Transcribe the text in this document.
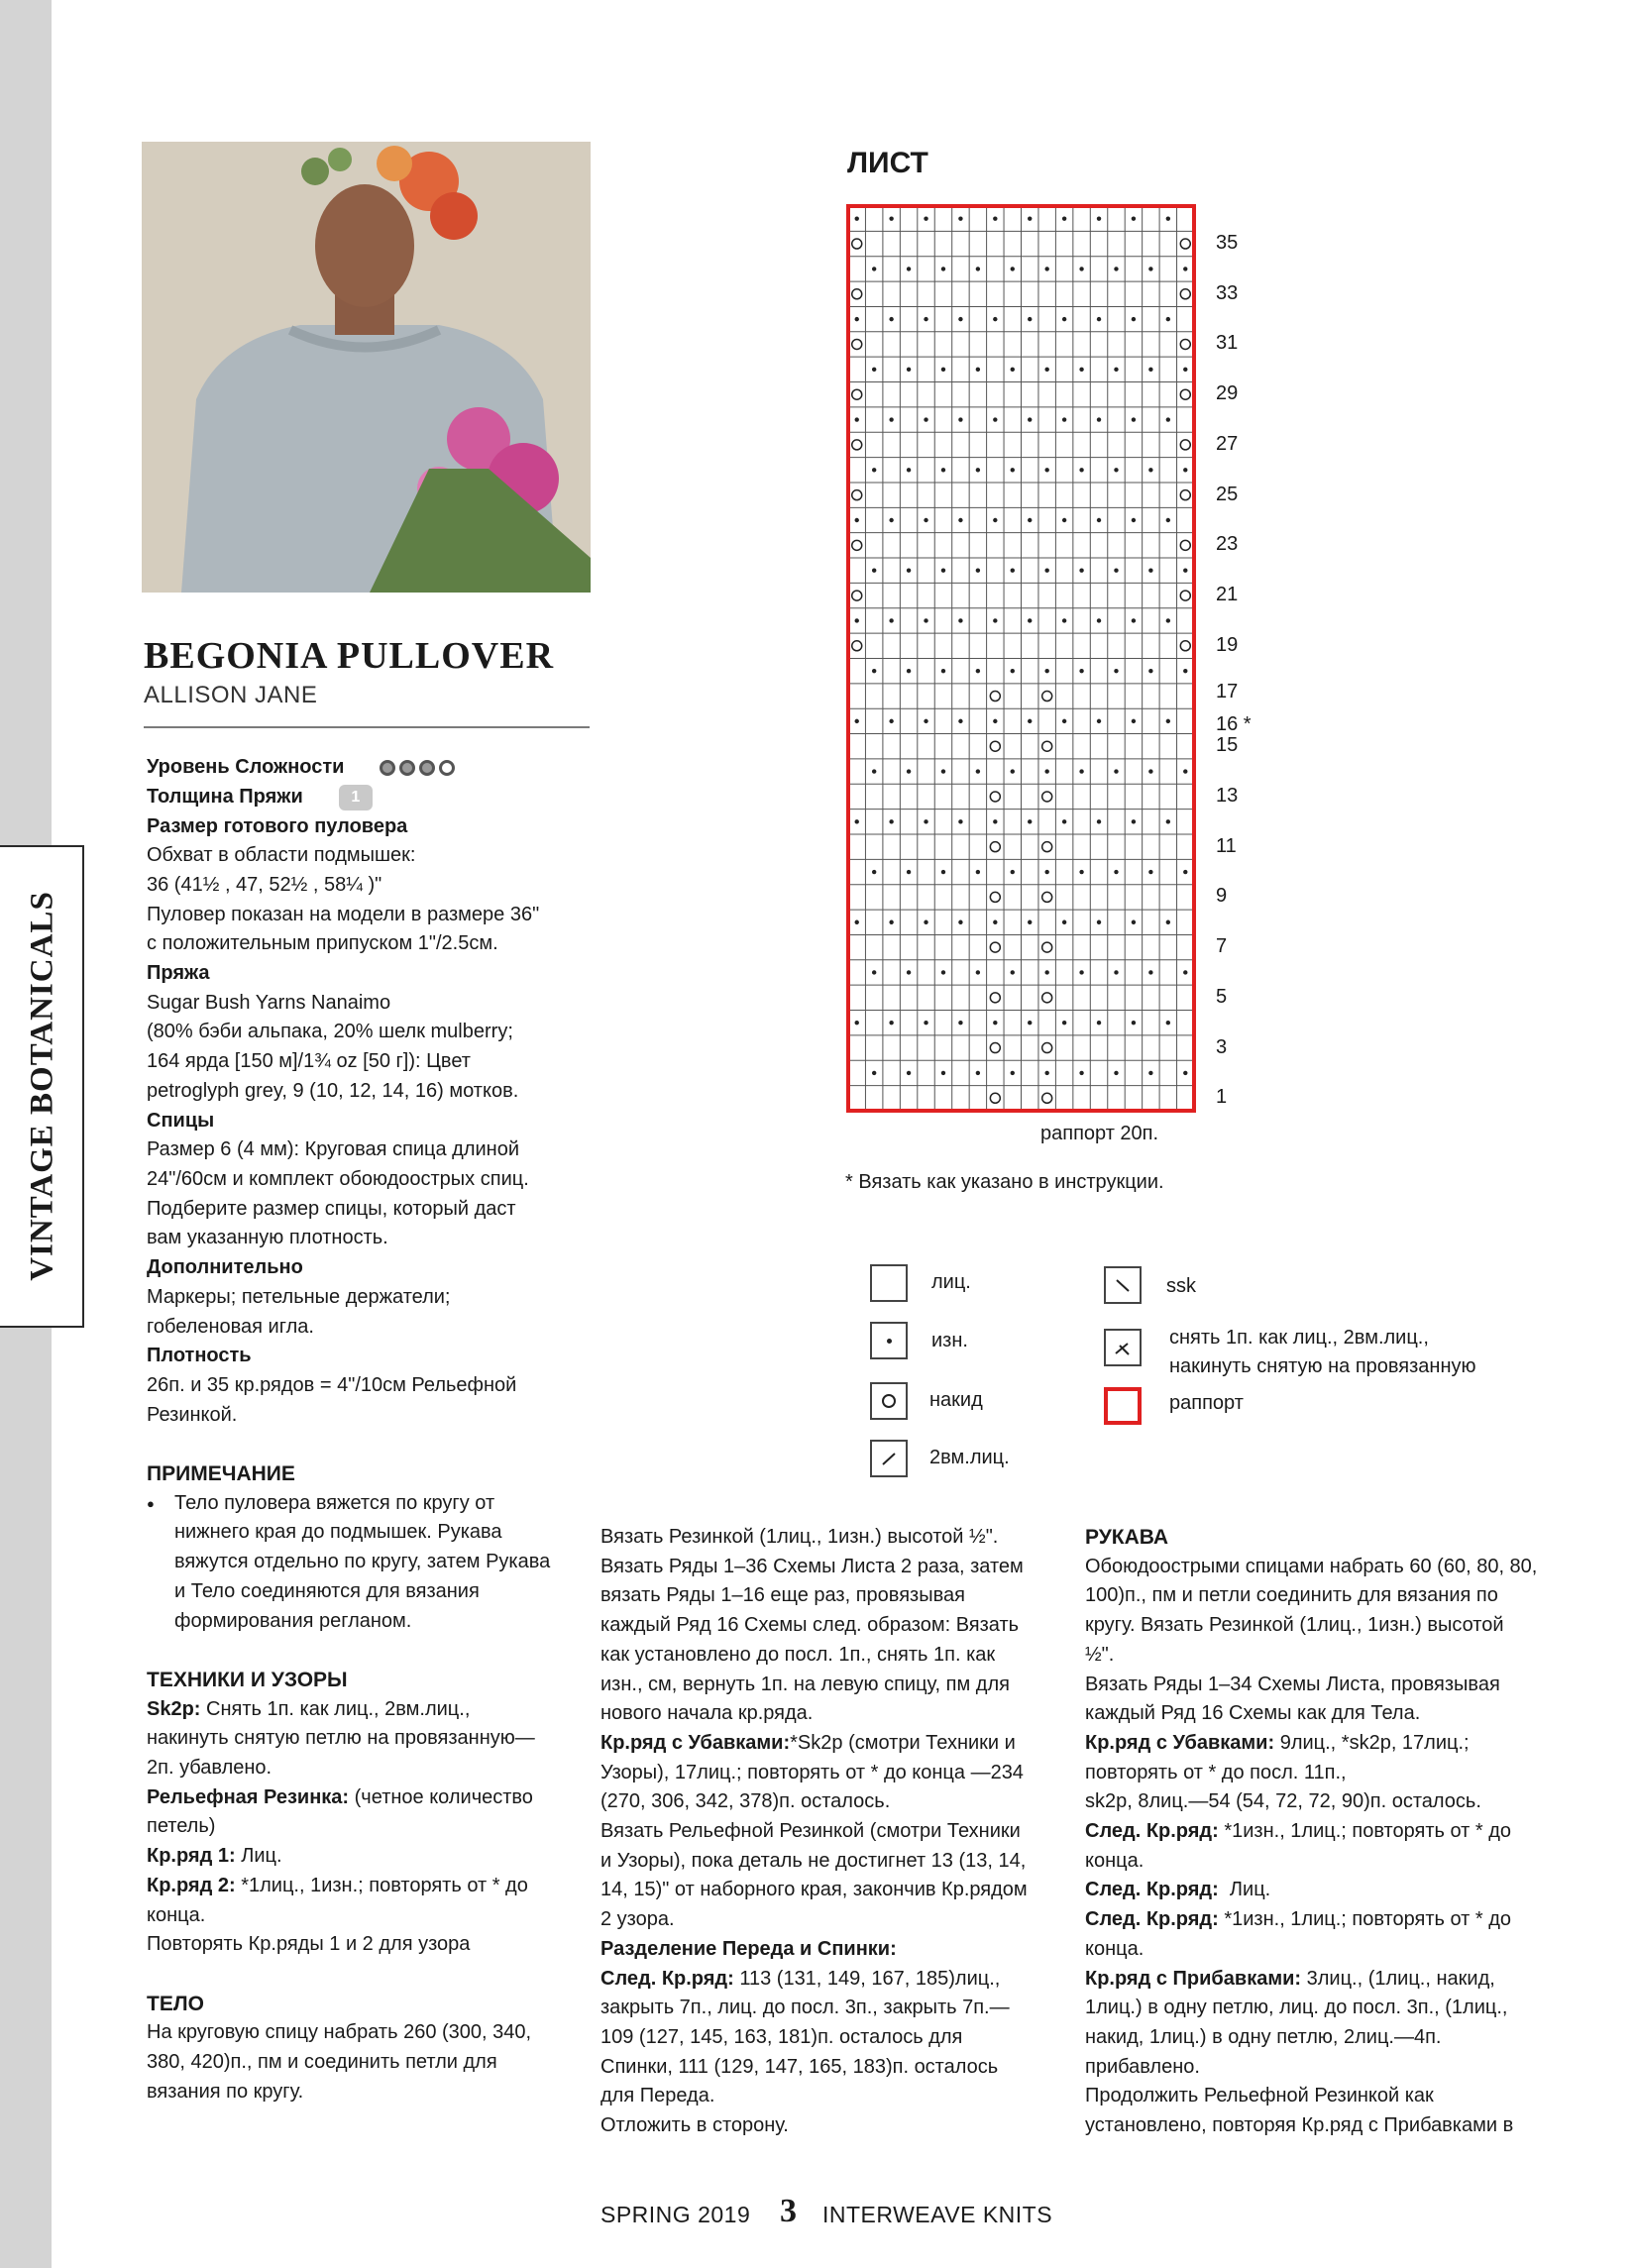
VINTAGE BOTANICALS
BEGONIA PULLOVER
ALLISON JANE

Уровень Сложности

Толщина Пряжи	1

Размер готового пуловера

Обхват в области подмышек:

36 (41½ , 47, 52½ , 58¼ )"

Пуловер показан на модели в размере 36"

с положительным припуском 1"/2.5см.

Пряжа

Sugar Bush Yarns Nanaimo

(80% бэби альпака, 20% шелк mulberry;

164 ярда [150 м]/1¾ oz [50 г]): Цвет

petroglyph grey, 9 (10, 12, 14, 16) мотков.

Спицы

Размер 6 (4 мм): Круговая спица длиной

24"/60см и комплект обоюдоострых спиц.

Подберите размер спицы, который даст

вам указанную плотность.

Дополнительно

Маркеры; петельные держатели;

гобеленовая игла.

Плотность

26п. и 35 кр.рядов = 4"/10см Рельефной

Резинкой.

ПРИМЕЧАНИЕ

●	Тело пуловера вяжется по кругу от

нижнего края до подмышек. Рукава

вяжутся отдельно по кругу, затем Рукава

и Тело соединяются для вязания

формирования регланом.

ТЕХНИКИ И УЗОРЫ

Sk2p: Снять 1п. как лиц., 2вм.лиц.,

накинуть снятую петлю на провязанную—

2п. убавлено.

Рельефная Резинка: (четное количество

петель)

Кр.ряд 1: Лиц.

Кр.ряд 2: *1лиц., 1изн.; повторять от * до

конца.

Повторять Кр.ряды 1 и 2 для узора

ТЕЛО

На круговую спицу набрать 260 (300, 340,

380, 420)п., пм и соединить петли для

вязания по кругу.

Вязать Резинкой (1лиц., 1изн.) высотой ½".

Вязать Ряды 1–36 Схемы Листа 2 раза, затем

вязать Ряды 1–16 еще раз, провязывая

каждый Ряд 16 Схемы след. образом: Вязать

как установлено до посл. 1п., снять 1п. как

изн., см, вернуть 1п. на левую спицу, пм для

нового начала кр.ряда.

Кр.ряд с Убавками:*Sk2p (смотри Техники и

Узоры), 17лиц.; повторять от * до конца —234

(270, 306, 342, 378)п. осталось.

Вязать Рельефной Резинкой (смотри Техники

и Узоры), пока деталь не достигнет 13 (13, 14,

14, 15)" от наборного края, закончив Кр.рядом

2 узора.

Разделение Переда и Спинки:

След. Кр.ряд: 113 (131, 149, 167, 185)лиц.,

закрыть 7п., лиц. до посл. 3п., закрыть 7п.—

109 (127, 145, 163, 181)п. осталось для

Спинки, 111 (129, 147, 165, 183)п. осталось

для Переда.

Отложить в сторону.

РУКАВА

Обоюдоострыми спицами набрать 60 (60, 80, 80,

100)п., пм и петли соединить для вязания по

кругу. Вязать Резинкой (1лиц., 1изн.) высотой

½".

Вязать Ряды 1–34 Схемы Листа, провязывая

каждый Ряд 16 Схемы как для Тела.

Кр.ряд с Убавками: 9лиц., *sk2p, 17лиц.;

повторять от * до посл. 11п.,

sk2p, 8лиц.—54 (54, 72, 72, 90)п. осталось.

След. Кр.ряд: *1изн., 1лиц.; повторять от * до

конца.

След. Кр.ряд:  Лиц.

След. Кр.ряд: *1изн., 1лиц.; повторять от * до

конца.

Кр.ряд с Прибавками: 3лиц., (1лиц., накид,

1лиц.) в одну петлю, лиц. до посл. 3п., (1лиц.,

накид, 1лиц.) в одну петлю, 2лиц.—4п.

прибавлено.

Продолжить Рельефной Резинкой как

установлено, повторяя Кр.ряд с Прибавками в

ЛИСТ
35
33
31
29
27
25
23
21
19
17
16 *
15
13
11
9
7
5
3
1
раппорт 20п.
* Вязать как указано в инструкции.
лиц.
изн.
накид
2вм.лиц.
ssk
снять 1п. как лиц., 2вм.лиц.,
накинуть снятую на провязанную
раппорт
SPRING 2019 3 INTERWEAVE KNITS
